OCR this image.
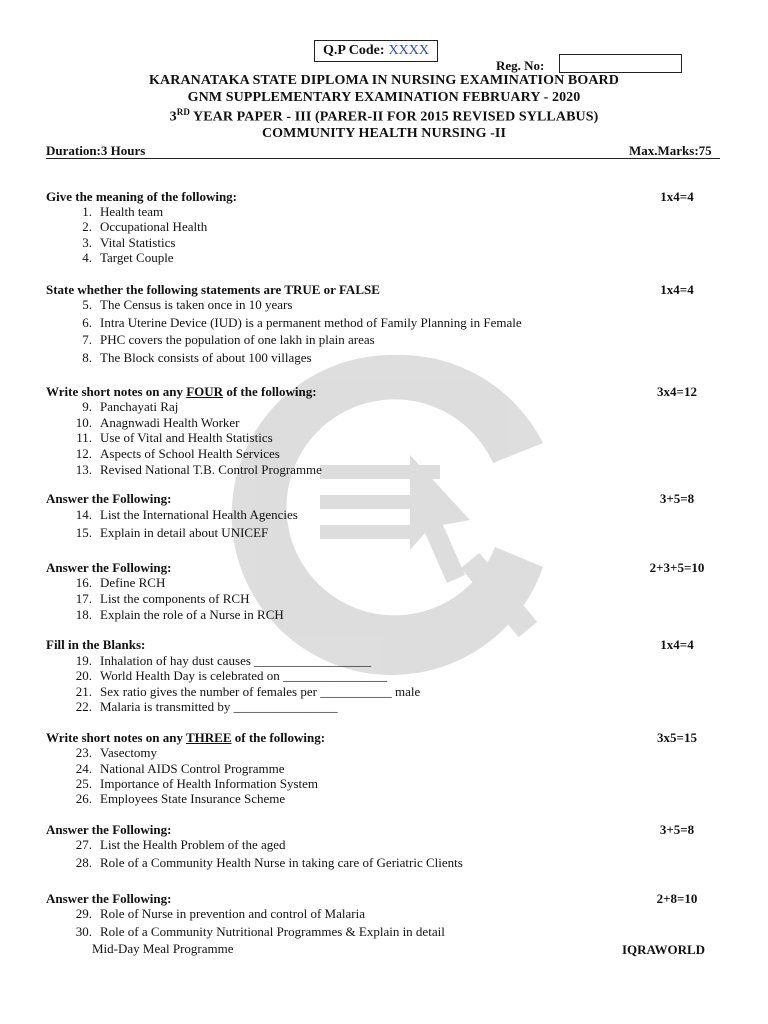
Q.P Code: XXXX
Reg. No:
KARANATAKA STATE DIPLOMA IN NURSING EXAMINATION BOARD
GNM SUPPLEMENTARY EXAMINATION FEBRUARY - 2020
3RD YEAR PAPER - III (PARER-II FOR 2015 REVISED SYLLABUS)
COMMUNITY HEALTH NURSING -II
Duration:3 Hours	Max.Marks:75
Give the meaning of the following:	1x4=4
1. Health team
2. Occupational Health
3. Vital Statistics
4. Target Couple
State whether the following statements are TRUE or FALSE	1x4=4
5. The Census is taken once in 10 years
6. Intra Uterine Device (IUD) is a permanent method of Family Planning in Female
7. PHC covers the population of one lakh in plain areas
8. The Block consists of about 100 villages
Write short notes on any FOUR of the following:	3x4=12
9. Panchayati Raj
10. Anagnwadi Health Worker
11. Use of Vital and Health Statistics
12. Aspects of School Health Services
13. Revised National T.B. Control Programme
Answer the Following:	3+5=8
14. List the International Health Agencies
15. Explain in detail about UNICEF
Answer the Following:	2+3+5=10
16. Define RCH
17. List the components of RCH
18. Explain the role of a Nurse in RCH
Fill in the Blanks:	1x4=4
19. Inhalation of hay dust causes __________________
20. World Health Day is celebrated on ________________
21. Sex ratio gives the number of females per ___________ male
22. Malaria is transmitted by ________________
Write short notes on any THREE of the following:	3x5=15
23. Vasectomy
24. National AIDS Control Programme
25. Importance of Health Information System
26. Employees State Insurance Scheme
Answer the Following:	3+5=8
27. List the Health Problem of the aged
28. Role of a Community Health Nurse in taking care of Geriatric Clients
Answer the Following:	2+8=10
29. Role of Nurse in prevention and control of Malaria
30. Role of a Community Nutritional Programmes & Explain in detail
Mid-Day Meal Programme	IQRAWORLD
